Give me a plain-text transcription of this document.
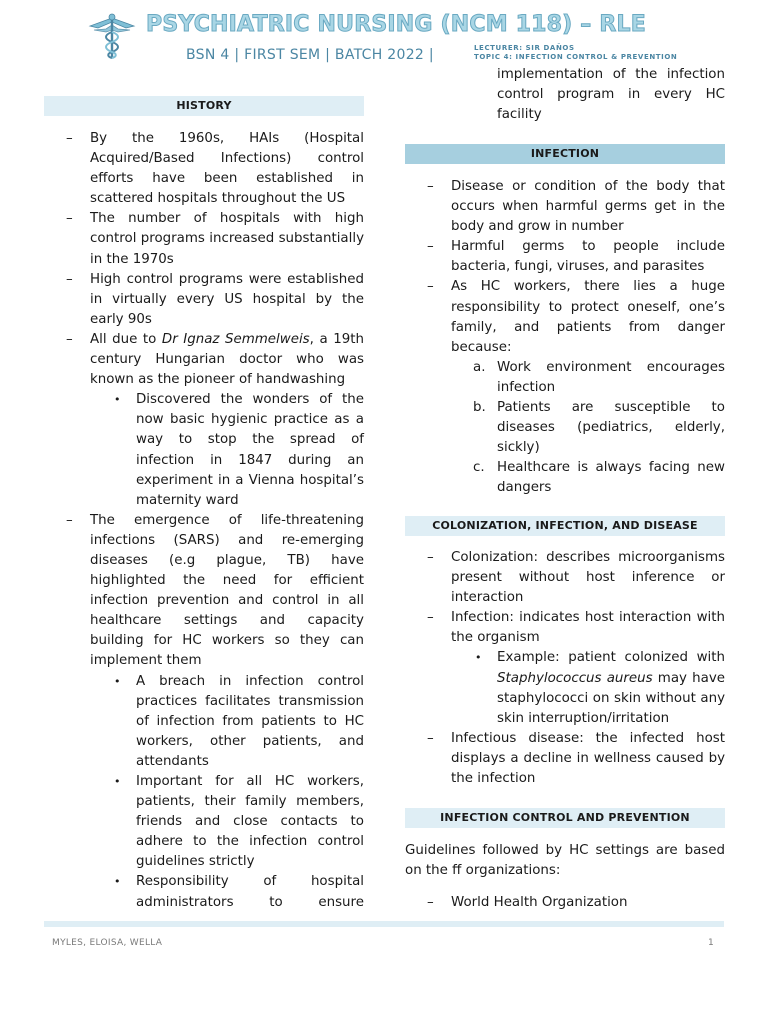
PSYCHIATRIC NURSING (NCM 118) – RLE
BSN 4 | FIRST SEM | BATCH 2022 |	LECTURER: SIR DAÑOS
TOPIC 4: INFECTION CONTROL & PREVENTION
HISTORY
– By the 1960s, HAIs (Hospital Acquired/Based Infections) control efforts have been established in scattered hospitals throughout the US
– The number of hospitals with high control programs increased substantially in the 1970s
– High control programs were established in virtually every US hospital by the early 90s
– All due to Dr Ignaz Semmelweis, a 19th century Hungarian doctor who was known as the pioneer of handwashing
• Discovered the wonders of the now basic hygienic practice as a way to stop the spread of infection in 1847 during an experiment in a Vienna hospital’s maternity ward
– The emergence of life-threatening infections (SARS) and re-emerging diseases (e.g plague, TB) have highlighted the need for efficient infection prevention and control in all healthcare settings and capacity building for HC workers so they can implement them
• A breach in infection control practices facilitates transmission of infection from patients to HC workers, other patients, and attendants
• Important for all HC workers, patients, their family members, friends and close contacts to adhere to the infection control guidelines strictly
• Responsibility of hospital administrators to ensure
implementation of the infection control program in every HC facility
INFECTION
– Disease or condition of the body that occurs when harmful germs get in the body and grow in number
– Harmful germs to people include bacteria, fungi, viruses, and parasites
– As HC workers, there lies a huge responsibility to protect oneself, one’s family, and patients from danger because:
a. Work environment encourages infection
b. Patients are susceptible to diseases (pediatrics, elderly, sickly)
c. Healthcare is always facing new dangers
COLONIZATION, INFECTION, AND DISEASE
– Colonization: describes microorganisms present without host inference or interaction
– Infection: indicates host interaction with the organism
• Example: patient colonized with Staphylococcus aureus may have staphylococci on skin without any skin interruption/irritation
– Infectious disease: the infected host displays a decline in wellness caused by the infection
INFECTION CONTROL AND PREVENTION
Guidelines followed by HC settings are based on the ff organizations:
– World Health Organization
MYLES, ELOISA, WELLA	1
